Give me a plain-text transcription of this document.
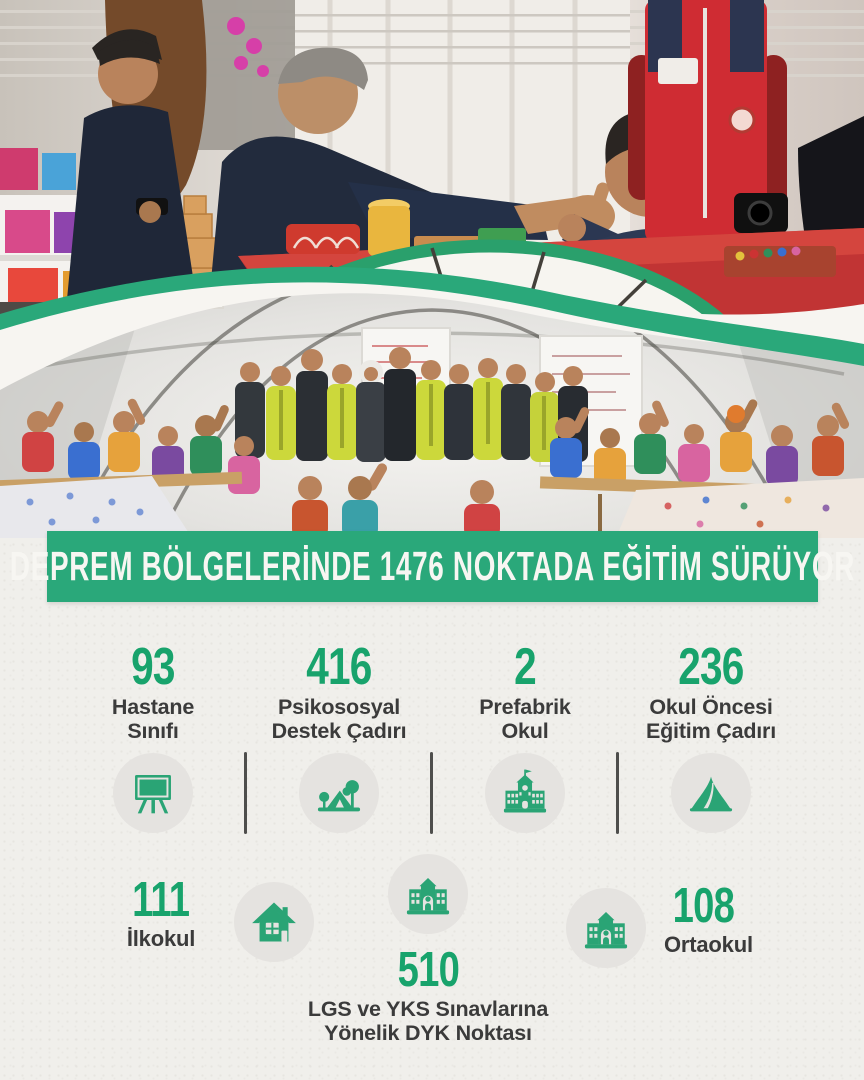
DEPREM BÖLGELERİNDE 1476 NOKTADA EĞİTİM SÜRÜYOR
93
Hastane
Sınıfı
416
Psikososyal
Destek Çadırı
2
Prefabrik
Okul
236
Okul Öncesi
Eğitim Çadırı
111
İlkokul
510
LGS ve YKS Sınavlarına
Yönelik DYK Noktası
108
Ortaokul
